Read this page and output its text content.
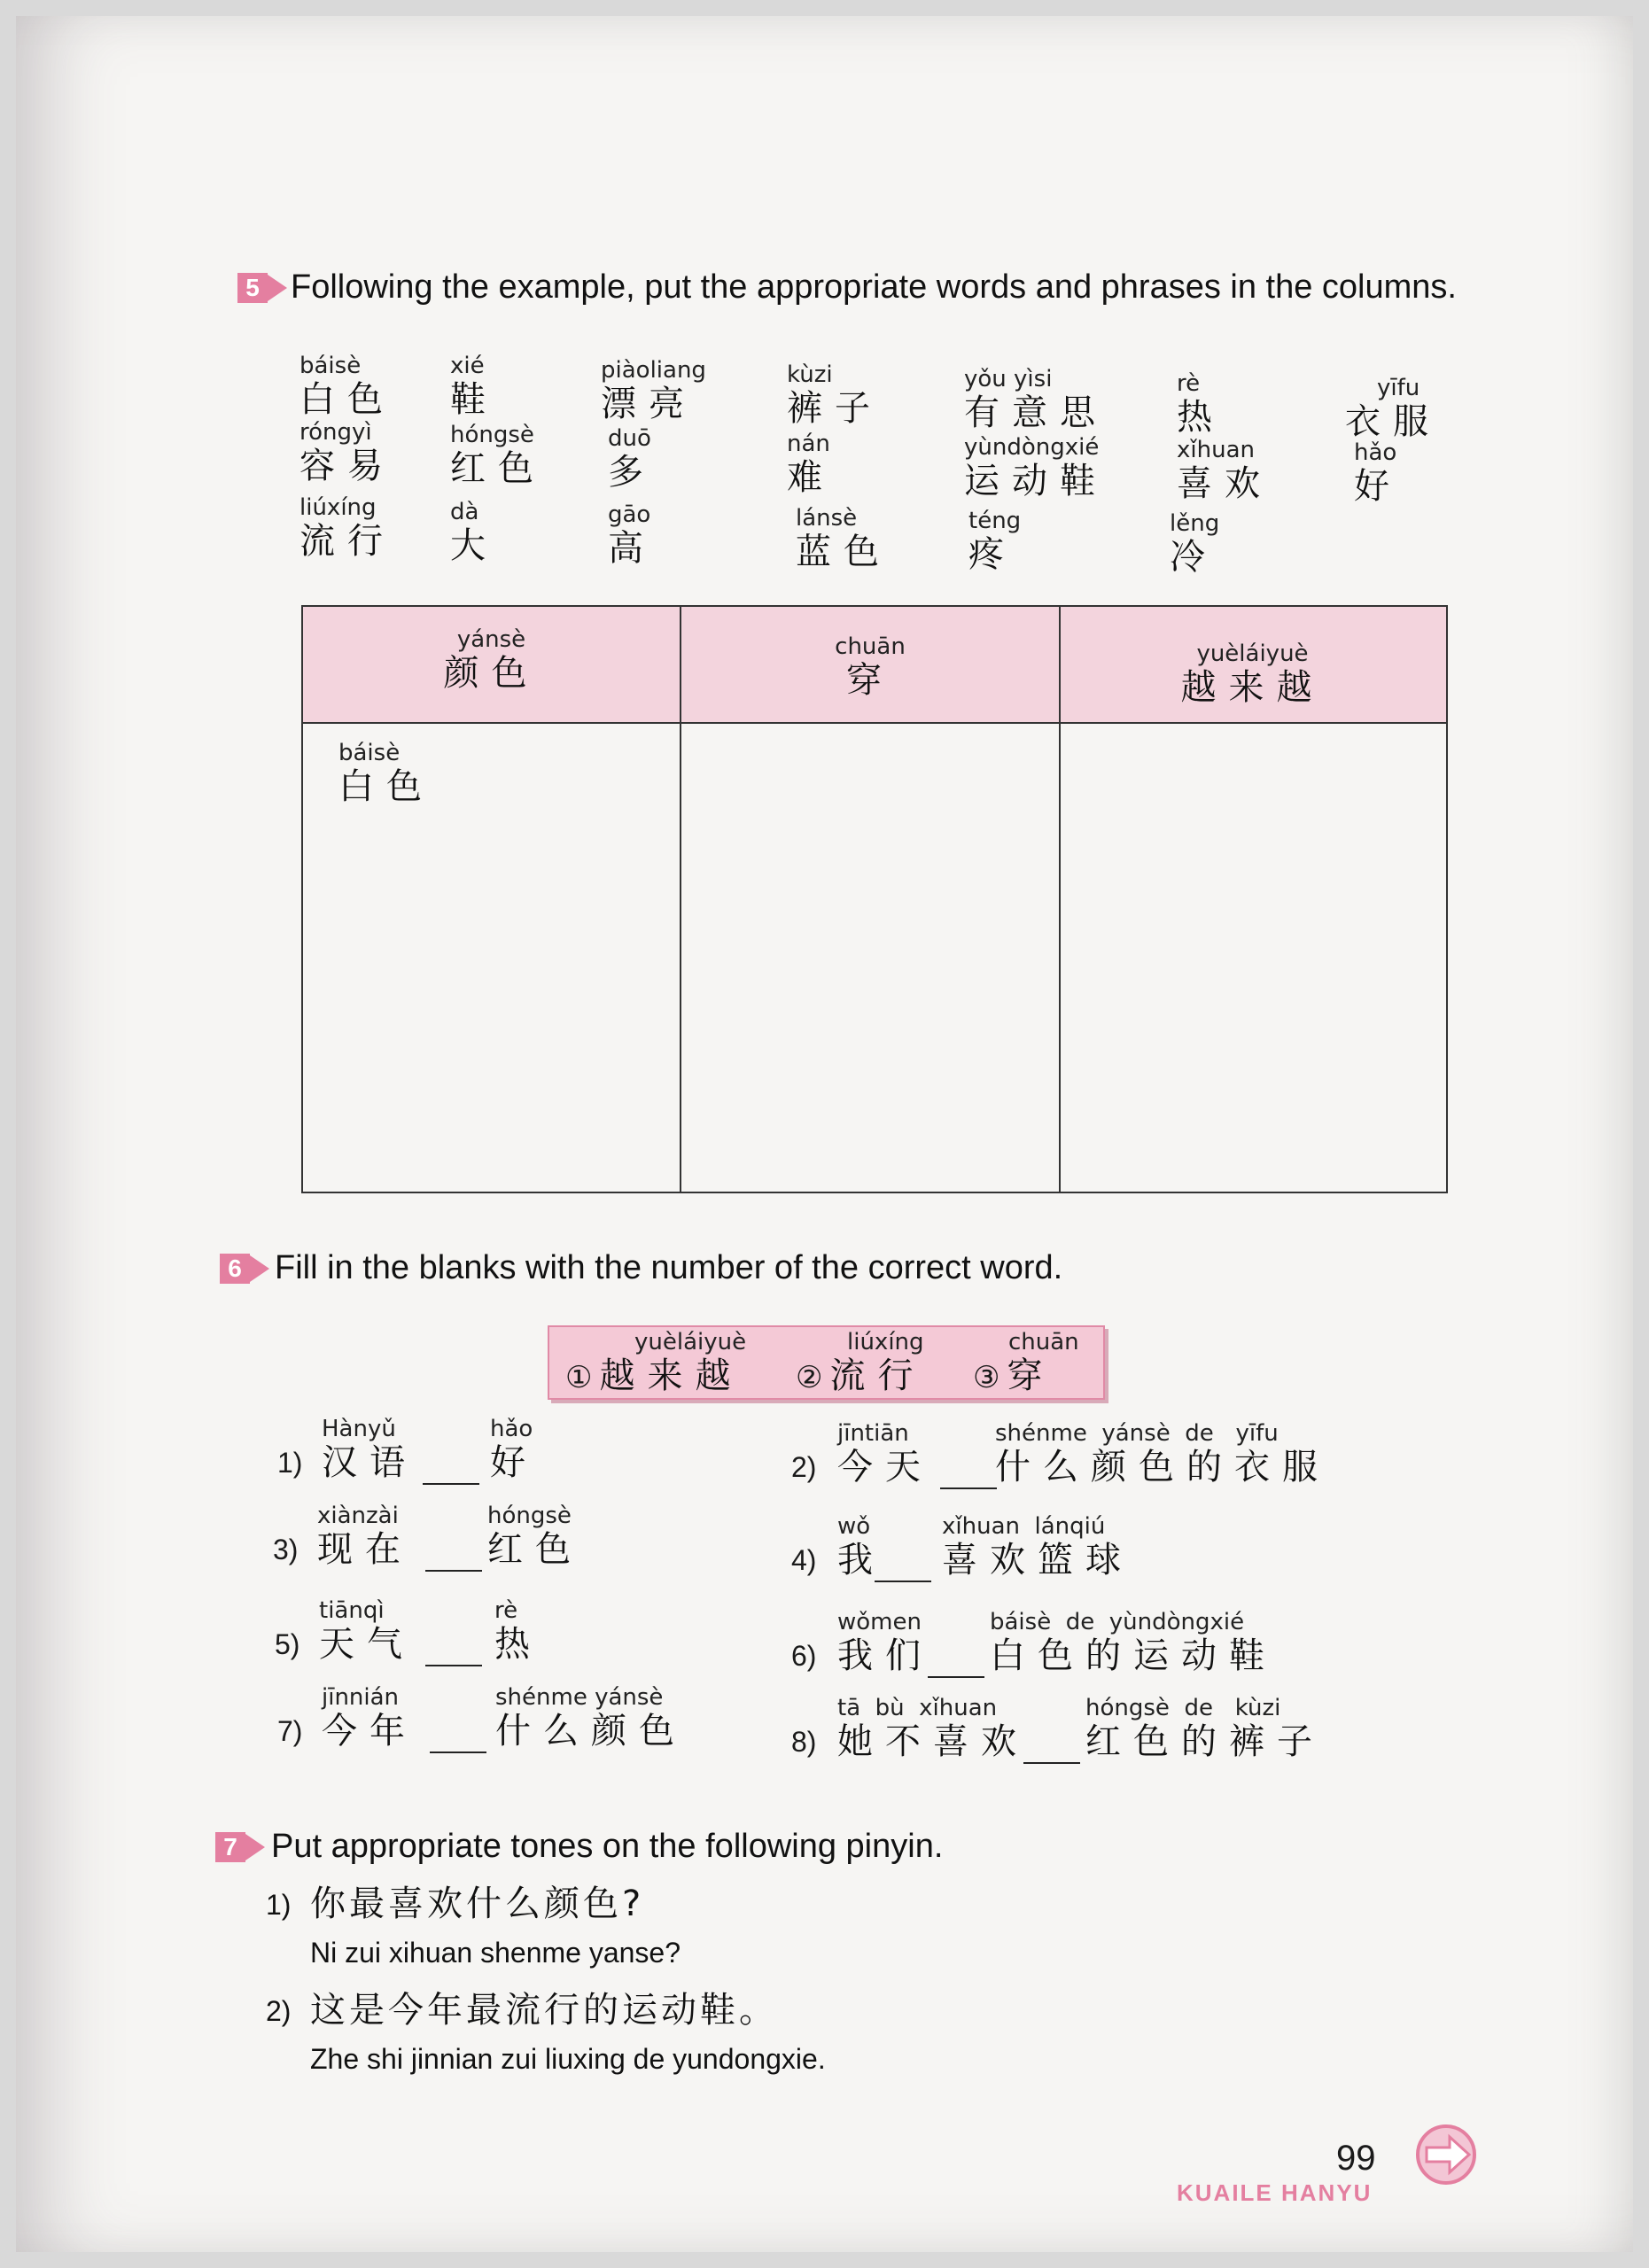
5 Following the example, put the appropriate words and phrases in the columns.
báisè
白色
xié
鞋
piàoliang
漂亮
kùzi
裤子
yǒu yìsi
有意思
rè
热
yīfu
衣服
róngyì
容易
hóngsè
红色
duō
多
nán
难
yùndòngxié
运动鞋
xǐhuan
喜欢
hǎo
好
liúxíng
流行
dà
大
gāo
高
lánsè
蓝色
téng
疼
lěng
冷
yánsè
颜色
chuān
穿
yuèláiyuè
越来越
báisè
白色
6 Fill in the blanks with the number of the correct word.
yuèláiyuè
① 越来越
liúxíng
② 流行
chuān
③ 穿
1)
Hànyǔ
汉语
hǎo
好
3)
xiànzài
现在
hóngsè
红色
5)
tiānqì
天气
rè
热
7)
jīnnián
今年
shénme yánsè
什么颜色
2)
jīntiān
今天
shénme  yánsè  de   yīfu
什么颜色的衣服
4)
wǒ
我
xǐhuan  lánqiú
喜欢篮球
6)
wǒmen
我们
báisè  de  yùndòngxié
白色的运动鞋
8)
tā  bù  xǐhuan
她不喜欢
hóngsè  de   kùzi
红色的裤子
7 Put appropriate tones on the following pinyin.
1) 你最喜欢什么颜色?
Ni zui xihuan shenme yanse?
2) 这是今年最流行的运动鞋。
Zhe shi jinnian zui liuxing de yundongxie.
99
KUAILE HANYU
